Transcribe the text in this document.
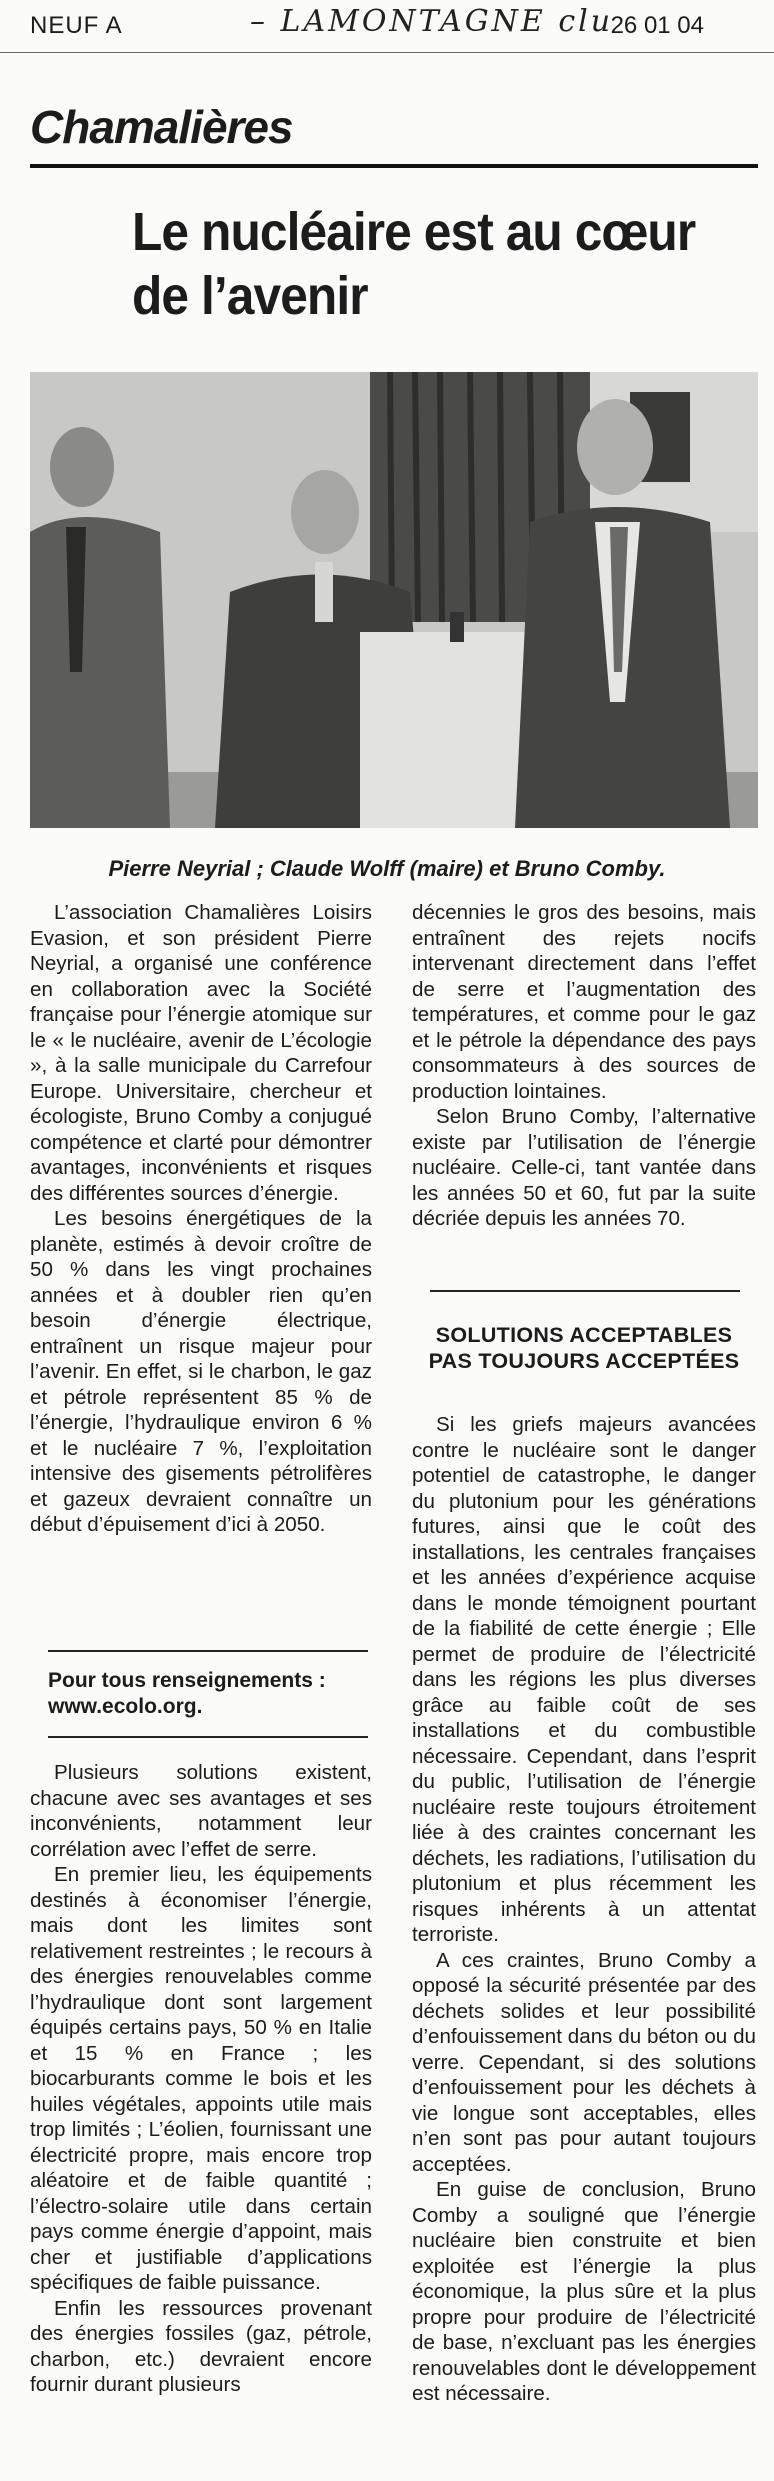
NEUF A	– LAMONTAGNE clu
26 01 04
Chamalières
Le nucléaire est au cœur de l’avenir
Pierre Neyrial ; Claude Wolff (maire) et Bruno Comby.

L’association Chamalières Loisirs Evasion, et son président Pierre Neyrial, a organisé une conférence en collaboration avec la Société française pour l’énergie atomique sur le « le nucléaire, avenir de L’écologie », à la salle municipale du Carrefour Europe. Universitaire, chercheur et écologiste, Bruno Comby a conjugué compétence et clarté pour démontrer avantages, inconvénients et risques des différentes sources d’énergie.

Les besoins énergétiques de la planète, estimés à devoir croître de 50 % dans les vingt prochaines années et à doubler rien qu’en besoin d’énergie électrique, entraînent un risque majeur pour l’avenir. En effet, si le charbon, le gaz et pétrole représentent 85 % de l’énergie, l’hydraulique environ 6 % et le nucléaire 7 %, l’exploitation intensive des gisements pétrolifères et gazeux devraient connaître un début d’épuisement d’ici à 2050.

Pour tous renseignements : www.ecolo.org.

Plusieurs solutions existent, chacune avec ses avantages et ses inconvénients, notamment leur corrélation avec l’effet de serre.

En premier lieu, les équipements destinés à économiser l’énergie, mais dont les limites sont relativement restreintes ; le recours à des énergies renouvelables comme l’hydraulique dont sont largement équipés certains pays, 50 % en Italie et 15 % en France ; les biocarburants comme le bois et les huiles végétales, appoints utile mais trop limités ; L’éolien, fournissant une électricité propre, mais encore trop aléatoire et de faible quantité ; l’électro-solaire utile dans certain pays comme énergie d’appoint, mais cher et justifiable d’applications spécifiques de faible puissance.

Enfin les ressources provenant des énergies fossiles (gaz, pétrole, charbon, etc.) devraient encore fournir durant plusieurs

décennies le gros des besoins, mais entraînent des rejets nocifs intervenant directement dans l’effet de serre et l’augmentation des températures, et comme pour le gaz et le pétrole la dépendance des pays consommateurs à des sources de production lointaines.

Selon Bruno Comby, l’alternative existe par l’utilisation de l’énergie nucléaire. Celle-ci, tant vantée dans les années 50 et 60, fut par la suite décriée depuis les années 70.

SOLUTIONS ACCEPTABLES PAS TOUJOURS ACCEPTÉES

Si les griefs majeurs avancées contre le nucléaire sont le danger potentiel de catastrophe, le danger du plutonium pour les générations futures, ainsi que le coût des installations, les centrales françaises et les années d’expérience acquise dans le monde témoignent pourtant de la fiabilité de cette énergie ; Elle permet de produire de l’électricité dans les régions les plus diverses grâce au faible coût de ses installations et du combustible nécessaire. Cependant, dans l’esprit du public, l’utilisation de l’énergie nucléaire reste toujours étroitement liée à des craintes concernant les déchets, les radiations, l’utilisation du plutonium et plus récemment les risques inhérents à un attentat terroriste.

A ces craintes, Bruno Comby a opposé la sécurité présentée par des déchets solides et leur possibilité d’enfouissement dans du béton ou du verre. Cependant, si des solutions d’enfouissement pour les déchets à vie longue sont acceptables, elles n’en sont pas pour autant toujours acceptées.

En guise de conclusion, Bruno Comby a souligné que l’énergie nucléaire bien construite et bien exploitée est l’énergie la plus économique, la plus sûre et la plus propre pour produire de l’électricité de base, n’excluant pas les énergies renouvelables dont le développement est nécessaire.
